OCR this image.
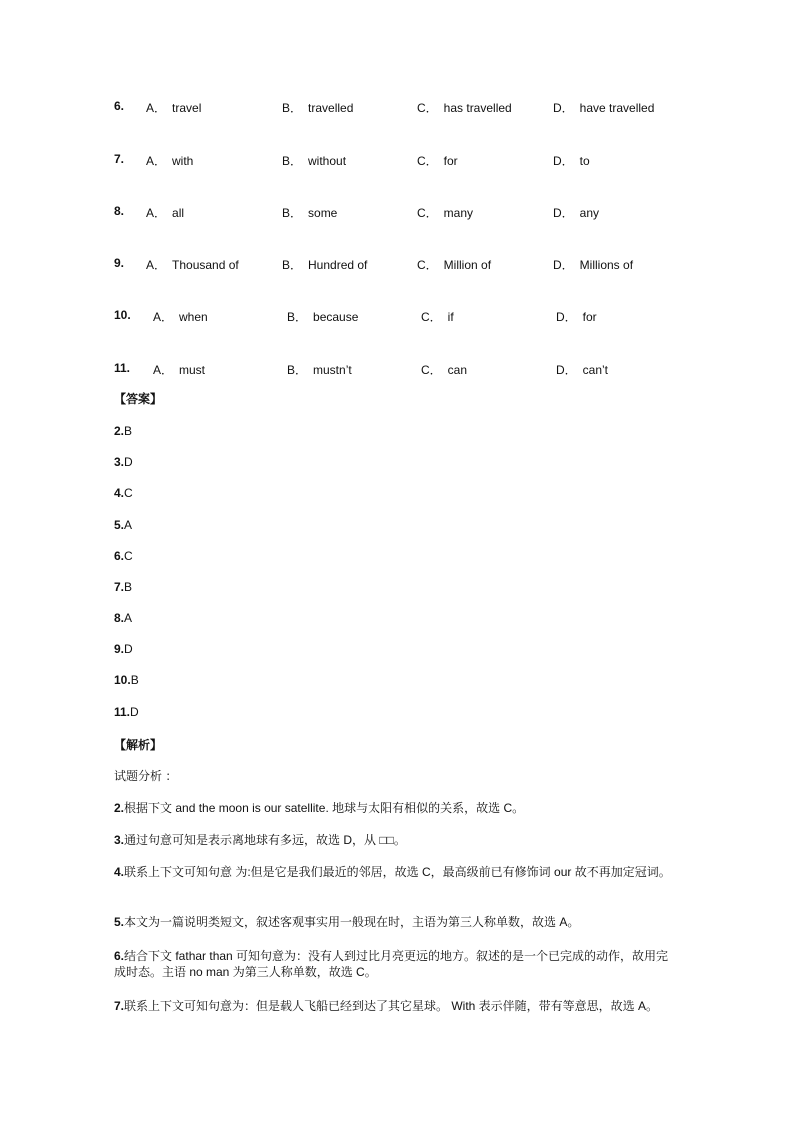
6. A． travel	B． travelled	C． has travelled	D． have travelled
7. A． with	B． without	C． for	D． to
8. A． all	B． some	C． many	D． any
9. A． Thousand of	B． Hundred of	C． Million of	D． Millions of
10. A． when	B． because	C． if	D． for
11. A． must	B． mustn’t	C． can	D． can’t
【答案】
2.B
3.D
4.C
5.A
6.C
7.B
8.A
9.D
10.B
11.D
【解析】
试题分析 ：
2.根据下文 and the moon is our satellite. 地球与太阳有相似的关系，故选 C。
3.通过句意可知是表示离地球有多远，故选 D，从 □□。
4.联系上下文可知句意 为:但是它是我们最近的邻居，故选 C，最高级前已有修饰词 our 故不再加定冠词。
5.本文为一篇说明类短文，叙述客观事实用一般现在时，主语为第三人称单数，故选 A。
6.结合下文 fathar than 可知句意为：没有人到过比月亮更远的地方。叙述的是一个已完成的动作，故用完成时态。主语 no man 为第三人称单数，故选 C。
7.联系上下文可知句意为：但是载人飞船已经到达了其它星球。 With 表示伴随，带有等意思，故选 A。
